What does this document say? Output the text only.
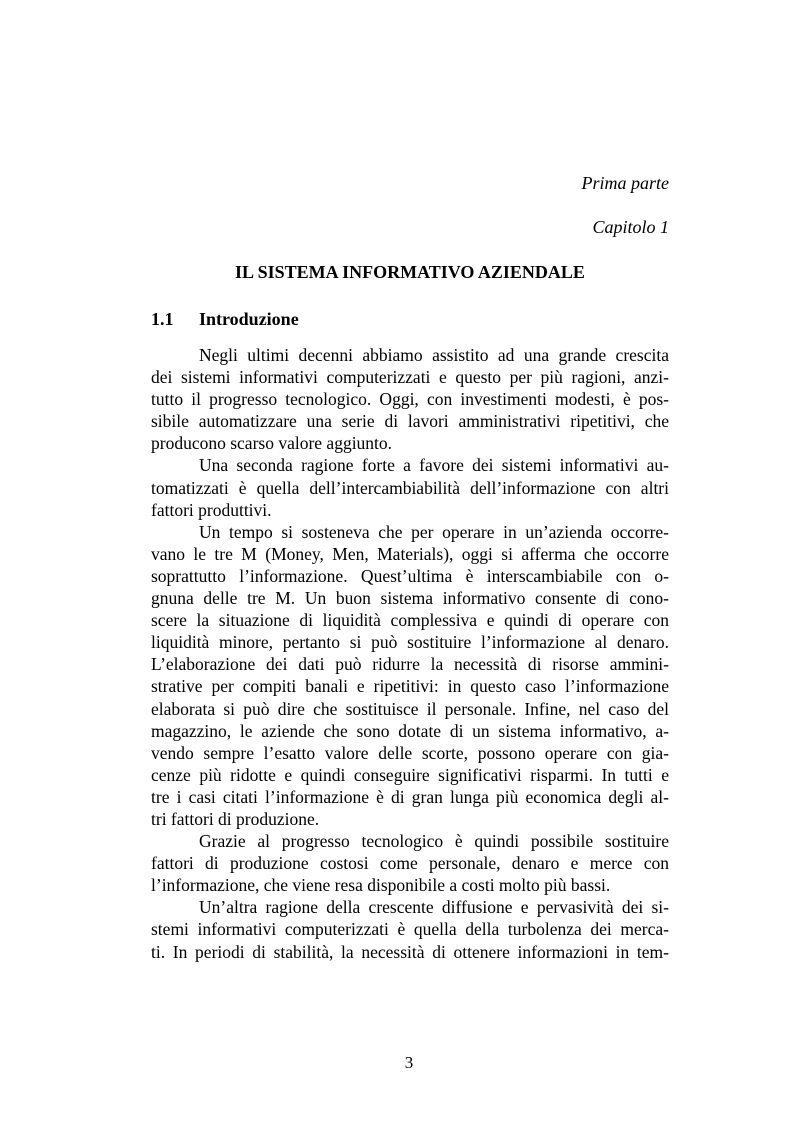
Prima parte
Capitolo 1
IL SISTEMA INFORMATIVO AZIENDALE
1.1 Introduzione
Negli ultimi decenni abbiamo assistito ad una grande crescita
dei sistemi informativi computerizzati e questo per più ragioni, anzi-
tutto il progresso tecnologico. Oggi, con investimenti modesti, è pos-
sibile automatizzare una serie di lavori amministrativi ripetitivi, che
producono scarso valore aggiunto.
Una seconda ragione forte a favore dei sistemi informativi au-
tomatizzati è quella dell’intercambiabilità dell’informazione con altri
fattori produttivi.
Un tempo si sosteneva che per operare in un’azienda occorre-
vano le tre M (Money, Men, Materials), oggi si afferma che occorre
soprattutto l’informazione. Quest’ultima è interscambiabile con o-
gnuna delle tre M. Un buon sistema informativo consente di cono-
scere la situazione di liquidità complessiva e quindi di operare con
liquidità minore, pertanto si può sostituire l’informazione al denaro.
L’elaborazione dei dati può ridurre la necessità di risorse ammini-
strative per compiti banali e ripetitivi: in questo caso l’informazione
elaborata si può dire che sostituisce il personale. Infine, nel caso del
magazzino, le aziende che sono dotate di un sistema informativo, a-
vendo sempre l’esatto valore delle scorte, possono operare con gia-
cenze più ridotte e quindi conseguire significativi risparmi. In tutti e
tre i casi citati l’informazione è di gran lunga più economica degli al-
tri fattori di produzione.
Grazie al progresso tecnologico è quindi possibile sostituire
fattori di produzione costosi come personale, denaro e merce con
l’informazione, che viene resa disponibile a costi molto più bassi.
Un’altra ragione della crescente diffusione e pervasività dei si-
stemi informativi computerizzati è quella della turbolenza dei merca-
ti. In periodi di stabilità, la necessità di ottenere informazioni in tem-
3
